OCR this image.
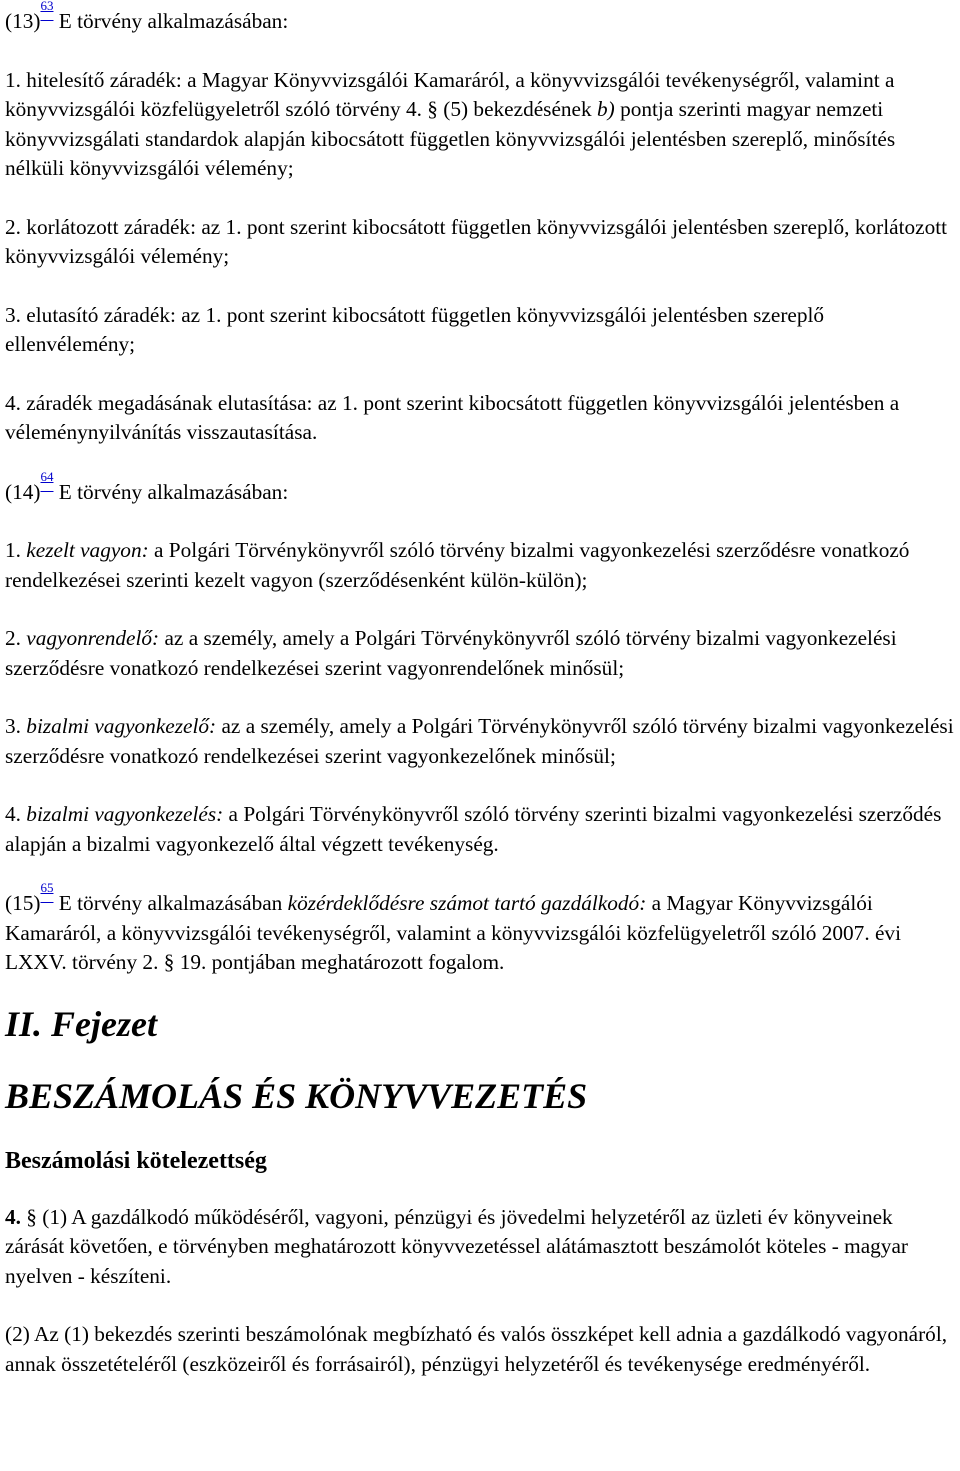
$(13)^{63}$ E törvény alkalmazásában:

1. hitelesítő záradék: a Magyar Könyvvizsgálói Kamaráról, a könyvvizsgálói tevékenységről, valamint a könyvvizsgálói közfelügyeletről szóló törvény 4. § (5) bekezdésének b) pontja szerinti magyar nemzeti könyvvizsgálati standardok alapján kibocsátott független könyvvizsgálói jelentésben szereplő, minősítés nélküli könyvvizsgálói vélemény;

2. korlátozott záradék: az 1. pont szerint kibocsátott független könyvvizsgálói jelentésben szereplő, korlátozott könyvvizsgálói vélemény;

3. elutasító záradék: az 1. pont szerint kibocsátott független könyvvizsgálói jelentésben szereplő ellenvélemény;

4. záradék megadásának elutasítása: az 1. pont szerint kibocsátott független könyvvizsgálói jelentésben a véleménynyilvánítás visszautasítása.

$(14)^{64}$ E törvény alkalmazásában:

1. kezelt vagyon: a Polgári Törvénykönyvről szóló törvény bizalmi vagyonkezelési szerződésre vonatkozó rendelkezései szerinti kezelt vagyon (szerződésenként külön-külön);

2. vagyonrendelő: az a személy, amely a Polgári Törvénykönyvről szóló törvény bizalmi vagyonkezelési szerződésre vonatkozó rendelkezései szerint vagyonrendelőnek minősül;

3. bizalmi vagyonkezelő: az a személy, amely a Polgári Törvénykönyvről szóló törvény bizalmi vagyonkezelési szerződésre vonatkozó rendelkezései szerint vagyonkezelőnek minősül;

4. bizalmi vagyonkezelés: a Polgári Törvénykönyvről szóló törvény szerinti bizalmi vagyonkezelési szerződés alapján a bizalmi vagyonkezelő által végzett tevékenység.

$(15)^{65}$ E törvény alkalmazásában közérdeklődésre számot tartó gazdálkodó: a Magyar Könyvvizsgálói Kamaráról, a könyvvizsgálói tevékenységről, valamint a könyvvizsgálói közfelügyeletről szóló 2007. évi LXXV. törvény 2. § 19. pontjában meghatározott fogalom.

II. Fejezet
BESZÁMOLÁS ÉS KÖNYVVEZETÉS
Beszámolási kötelezettség

4. § (1) A gazdálkodó működéséről, vagyoni, pénzügyi és jövedelmi helyzetéről az üzleti év könyveinek zárását követően, e törvényben meghatározott könyvvezetéssel alátámasztott beszámolót köteles - magyar nyelven - készíteni.

(2) Az (1) bekezdés szerinti beszámolónak megbízható és valós összképet kell adnia a gazdálkodó vagyonáról, annak összetételéről (eszközeiről és forrásairól), pénzügyi helyzetéről és tevékenysége eredményéről.
